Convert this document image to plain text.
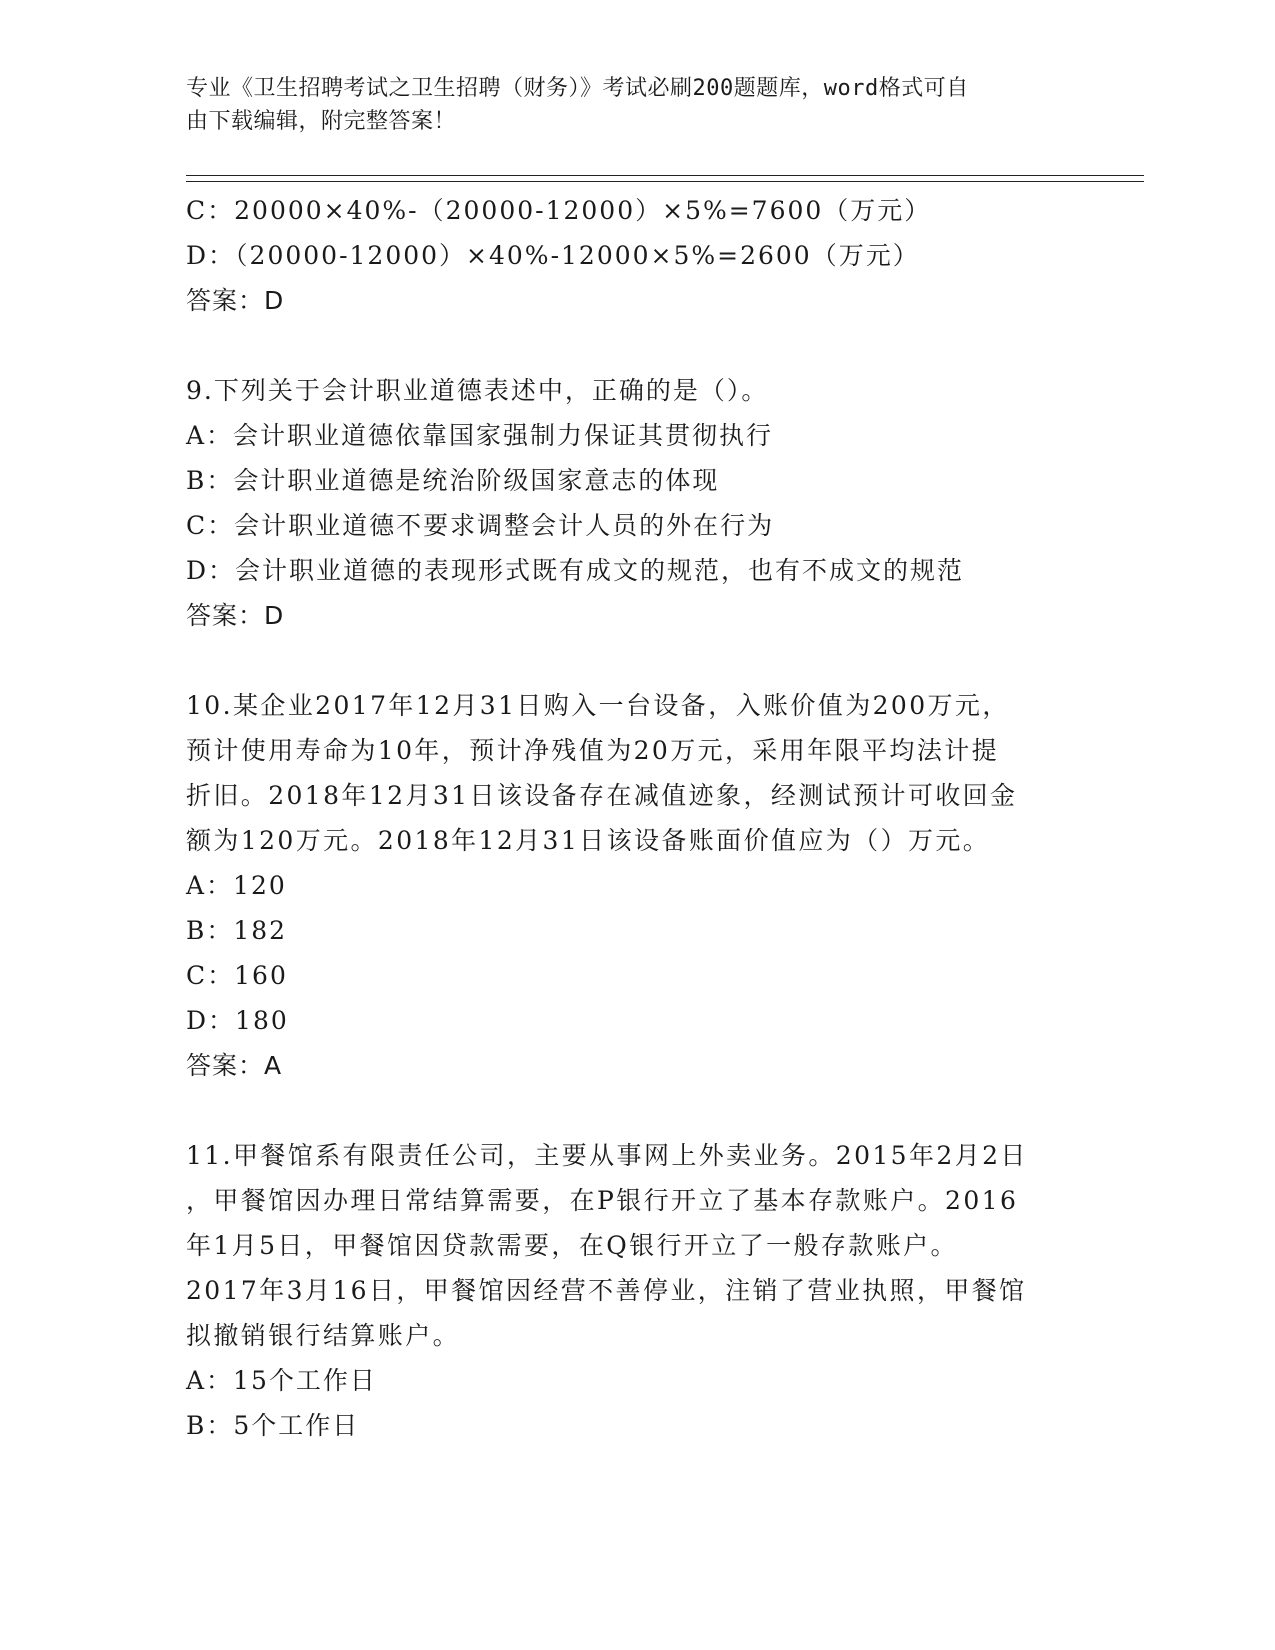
专业《卫生招聘考试之卫生招聘（财务）》考试必刷200题题库，word格式可自
由下载编辑，附完整答案！
C：20000×40%-（20000-12000）×5%=7600（万元）
D：（20000-12000）×40%-12000×5%=2600（万元）
答案：D
9.下列关于会计职业道德表述中，正确的是（）。
A：会计职业道德依靠国家强制力保证其贯彻执行
B：会计职业道德是统治阶级国家意志的体现
C：会计职业道德不要求调整会计人员的外在行为
D：会计职业道德的表现形式既有成文的规范，也有不成文的规范
答案：D
10.某企业2017年12月31日购入一台设备，入账价值为200万元，
预计使用寿命为10年，预计净残值为20万元，采用年限平均法计提
折旧。2018年12月31日该设备存在减值迹象，经测试预计可收回金
额为120万元。2018年12月31日该设备账面价值应为（）万元。
A：120
B：182
C：160
D：180
答案：A
11.甲餐馆系有限责任公司，主要从事网上外卖业务。2015年2月2日
，甲餐馆因办理日常结算需要，在P银行开立了基本存款账户。2016
年1月5日，甲餐馆因贷款需要，在Q银行开立了一般存款账户。
2017年3月16日，甲餐馆因经营不善停业，注销了营业执照，甲餐馆
拟撤销银行结算账户。
A：15个工作日
B：5个工作日
